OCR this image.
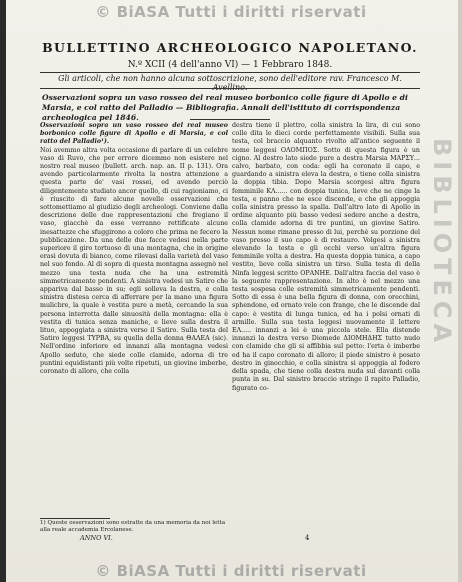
© BiASA Tutti i diritti riservati
BIBLIOTECA
BULLETTINO ARCHEOLOGICO NAPOLETANO.
N.º XCII (4 dell'anno VI) — 1 Febbraro 1848.
Gli articoli, che non hanno alcuna sottoscrizione, sono dell'editore rav. Francesco M.
Osservazioni sopra un vaso rosseo del real museo borbonico colle figure di Apollo e di Marsia, e col ratto del Palladio — Bibliografia. Annali dell'istituto di corrispondenza archeologica pel 1846.

Osservazioni sopra un vaso rosseo del real museo borbonico colle figure di Apollo e di Marsia, e col ratto del Palladio¹).

Noi avemmo altra volta occasione di parlare di un celebre vaso di Ruvo, che per errore dicemmo non esistere nel nostro real museo (bullett. arch. nap. an. II p. 131). Ora avendo particolarmente rivolta la nostra attenzione a questa parte de' vasi rossei, ed avendo perciò diligentemente studiato ancor quello, di cui ragioniamo, ci è riuscito di fare alcune novelle osservazioni che sottomettiamo al giudizio degli archeologi. Conviene dalla descrizione delle due rappresentazioni che fregiano il vaso, giacchè da esse verranno rettificate alcune inesattezze che sfuggirono a coloro che prima ne fecero la pubblicazione. Da una delle due facce vedesi nella parte superiore il giro tortuoso di una montagna, che in origine erasi dovuta di bianco, come rilevasi dalla varietà del vaso nel suo fondo. Al di sopra di questa montagna assegnò nel mezzo una testa nuda che ha una estremità simmetricamente pendenti. A sinistra vedesi un Satiro che appariva dal basso in su; egli solleva la destra, e colla sinistra distesa cerca di afferrare per la mano una figura mulicbre, la quale è vestita pure a metà, cercando la sua persona interrotta dalle sinuosità della montagna: ella è vestita di tunica senza maniche, e lieve sulla destra il lituo, appoggiata a sinistra verso il Satiro. Sulla testa del Satiro leggesi ΤΥΡΒΑ, su quella della donna ΘΑΛΕΑ (sic). Nell'ordine inferiore ed innanzi alla montagna vedesi Apollo seduto, che siede colle clamide, adorna di tre puntini equidistanti più volte ripetuti, un giovine imberbe, coronato di alloro, che colla

destra tiene il plettro, colla sinistra la lira, di cui sono colle dita le dieci corde perfettamente visibili. Sulla sua testa, col braccio alquanto rivolto all'antico seguente il nome leggesi ΟΛΟΜΠΟΣ. Sotto di questa figura è un cigno. Al destro lato siede pure a destra Marsia ΜΑΡΣΥ... calvo, barbato, con coda: egli ha coronato il capo, e guardando a sinistra eleva la destra, e tiene colla sinistra la doppia tibia. Dopo Marsia scorgesi altra figura femminile ΚΛ...... con doppia tunica, lieve che ne cinge la testa, e panno che ne esce discende, e che gli appoggia colla sinistra presso la spalla. Dall'altro lato di Apollo in ordine alquanto più basso vedesi sedere anche a destra, colla clamide adorna di tre puntini, un giovine Satiro. Nessun nome rimane presso di lui, perchè su porzione del vaso presso il suo capo è di restauro. Volgesi a sinistra elevando la testa e gli occhi verso un'altra figura femminile volta a destra. Ha questa doppia tunica, a capo vestito, lieve colla sinistra un tirso. Sulla testa di della Ninfa leggesi scritto ΟΡΑΝΗΕ. Dall'altra faccia del vaso è la seguente rappresentazione. In alto è nel mezzo una testa sospesa colle estremità simmetricamente pendenti. Sotto di essa è una bella figura di donna, con orecchini, sphendone, ed ornato vele con frange, che le discende dal capo: è vestita di lunga tunica, ed ha i polsi ornati di armille. Sulla sua testa leggesi nuovamente il lettere ΕΛ..... innanzi a lei è una piccola stele. Ella distende innanzi la destra verso Diomede ΔΙΟΜΗΔΗΣ tutto nudo con clamide che gli si affibbia sul petto: l'erta è imberbe ed ha il capo coronato di alloro; il piede sinistro è posato destro in ginocchio, e colla sinistra si appoggia al fodero della spada, che tiene colla destra nuda sul davanti colla punta in su. Dal sinistro braccio stringe il rapito Palladio, figurato co-

1) Queste osservazioni sono estratte da una memoria da noi letta alla reale accademia Ercolanese.
ANNO VI.	4
© BiASA Tutti i diritti riservati
